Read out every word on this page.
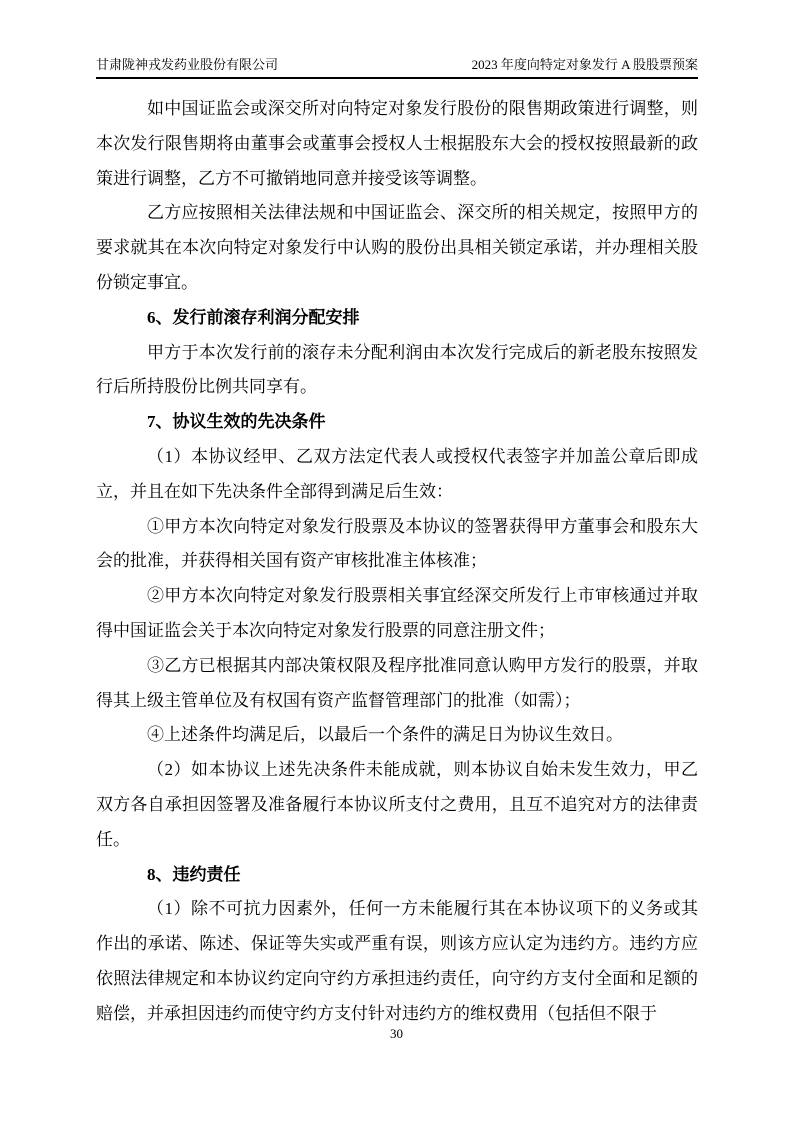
甘肃陇神戎发药业股份有限公司	2023 年度向特定对象发行 A 股股票预案

如中国证监会或深交所对向特定对象发行股份的限售期政策进行调整，则本次发行限售期将由董事会或董事会授权人士根据股东大会的授权按照最新的政策进行调整，乙方不可撤销地同意并接受该等调整。

乙方应按照相关法律法规和中国证监会、深交所的相关规定，按照甲方的要求就其在本次向特定对象发行中认购的股份出具相关锁定承诺，并办理相关股份锁定事宜。

6、发行前滚存利润分配安排

甲方于本次发行前的滚存未分配利润由本次发行完成后的新老股东按照发行后所持股份比例共同享有。

7、协议生效的先决条件

（1）本协议经甲、乙双方法定代表人或授权代表签字并加盖公章后即成立，并且在如下先决条件全部得到满足后生效：

①甲方本次向特定对象发行股票及本协议的签署获得甲方董事会和股东大会的批准，并获得相关国有资产审核批准主体核准；

②甲方本次向特定对象发行股票相关事宜经深交所发行上市审核通过并取得中国证监会关于本次向特定对象发行股票的同意注册文件；

③乙方已根据其内部决策权限及程序批准同意认购甲方发行的股票，并取得其上级主管单位及有权国有资产监督管理部门的批准（如需）；

④上述条件均满足后，以最后一个条件的满足日为协议生效日。

（2）如本协议上述先决条件未能成就，则本协议自始未发生效力，甲乙双方各自承担因签署及准备履行本协议所支付之费用，且互不追究对方的法律责任。

8、违约责任

（1）除不可抗力因素外，任何一方未能履行其在本协议项下的义务或其作出的承诺、陈述、保证等失实或严重有误，则该方应认定为违约方。违约方应依照法律规定和本协议约定向守约方承担违约责任，向守约方支付全面和足额的赔偿，并承担因违约而使守约方支付针对违约方的维权费用（包括但不限于

30
